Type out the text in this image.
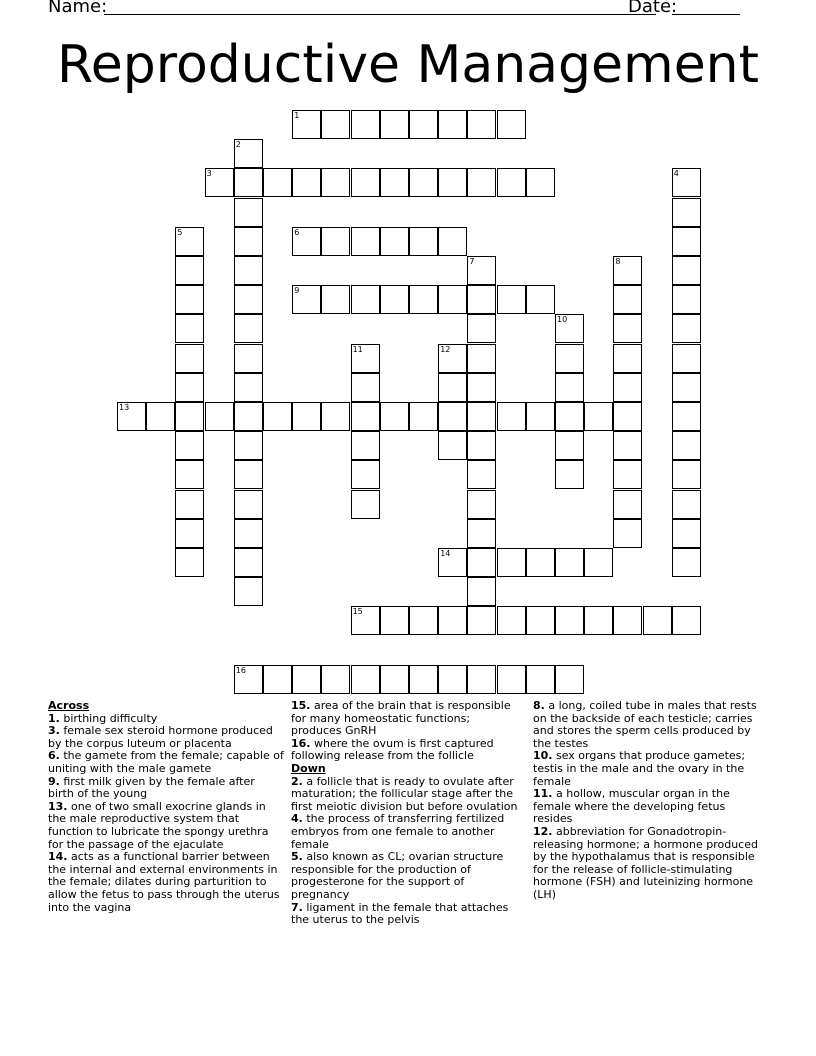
Name:	Date:
Reproductive Management
1
2
3	4
5	6
7	8
9
10
11	12
13
14
15
16
Across
1. birthing difficulty
3. female sex steroid hormone produced by the corpus luteum or placenta
6. the gamete from the female; capable of uniting with the male gamete
9. first milk given by the female after birth of the young
13. one of two small exocrine glands in the male reproductive system that function to lubricate the spongy urethra for the passage of the ejaculate
14. acts as a functional barrier between the internal and external environments in the female; dilates during parturition to allow the fetus to pass through the uterus into the vagina
15. area of the brain that is responsible for many homeostatic functions; produces GnRH
16. where the ovum is first captured following release from the follicle
Down
2. a follicle that is ready to ovulate after maturation; the follicular stage after the first meiotic division but before ovulation
4. the process of transferring fertilized embryos from one female to another female
5. also known as CL; ovarian structure responsible for the production of progesterone for the support of pregnancy
7. ligament in the female that attaches the uterus to the pelvis
8. a long, coiled tube in males that rests on the backside of each testicle; carries and stores the sperm cells produced by the testes
10. sex organs that produce gametes; testis in the male and the ovary in the female
11. a hollow, muscular organ in the female where the developing fetus resides
12. abbreviation for Gonadotropin-releasing hormone; a hormone produced by the hypothalamus that is responsible for the release of follicle-stimulating hormone (FSH) and luteinizing hormone (LH)
